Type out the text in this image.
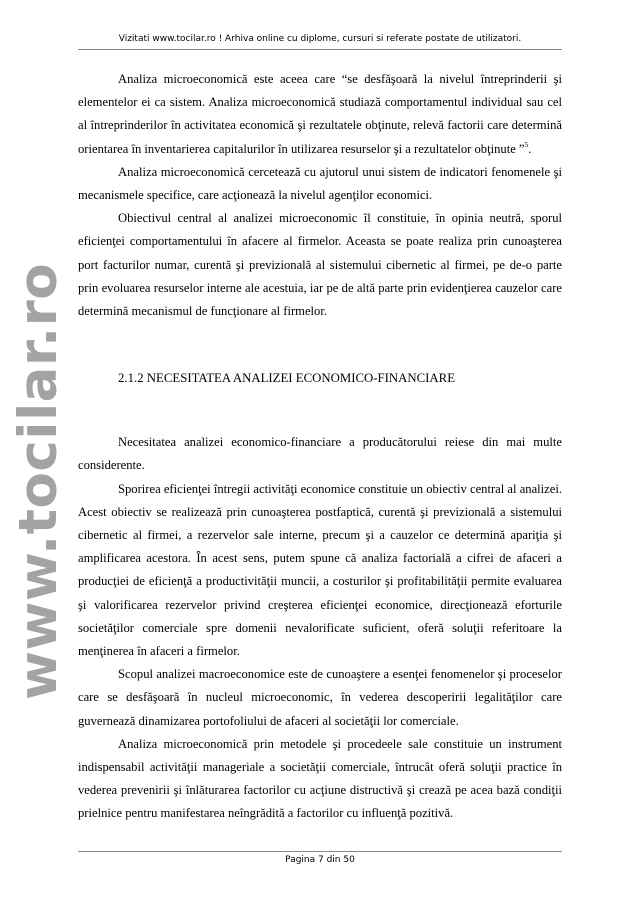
Vizitati www.tocilar.ro ! Arhiva online cu diplome, cursuri si referate postate de utilizatori.
www.tocilar.ro

Analiza microeconomică este aceea care “se desfăşoară la nivelul întreprinderii şi elementelor ei ca sistem. Analiza microeconomică studiază comportamentul individual sau cel al întreprinderilor în activitatea economică şi rezultatele obţinute, relevă factorii care determină orientarea în inventarierea capitalurilor în utilizarea resurselor şi a rezultatelor obţinute ”$^5$.

Analiza microeconomică cercetează cu ajutorul unui sistem de indicatori fenomenele şi mecanismele specifice, care acţionează la nivelul agenţilor economici.

Obiectivul central al analizei microeconomic îl constituie, în opinia neutră, sporul eficienţei comportamentului în afacere al firmelor. Aceasta se poate realiza prin cunoaşterea port facturilor numar, curentă şi previzională al sistemului cibernetic al firmei, pe de-o parte prin evoluarea resurselor interne ale acestuia, iar pe de altă parte prin evidenţierea cauzelor care determină mecanismul de funcţionare al firmelor.

2.1.2 NECESITATEA ANALIZEI ECONOMICO-FINANCIARE

Necesitatea analizei economico-financiare a producătorului reiese din mai multe considerente.

Sporirea eficienţei întregii activităţi economice constituie un obiectiv central al analizei. Acest obiectiv se realizează prin cunoaşterea postfaptică, curentă şi previzională a sistemului cibernetic al firmei, a rezervelor sale interne, precum şi a cauzelor ce determină apariţia şi amplificarea acestora. În acest sens, putem spune că analiza factorială a cifrei de afaceri a producţiei de eficienţă a productivităţii muncii, a costurilor şi profitabilităţii permite evaluarea şi valorificarea rezervelor privind creşterea eficienţei economice, direcţionează eforturile societăţilor comerciale spre domenii nevalorificate suficient, oferă soluţii referitoare la menţinerea în afaceri a firmelor.

Scopul analizei macroeconomice este de cunoaştere a esenţei fenomenelor şi proceselor care se desfăşoară în nucleul microeconomic, în vederea descoperirii legalităţilor care guvernează dinamizarea portofoliului de afaceri al societăţii lor comerciale.

Analiza microeconomică prin metodele şi procedeele sale constituie un instrument indispensabil activităţii manageriale a societăţii comerciale, întrucât oferă soluţii practice în vederea prevenirii şi înlăturarea factorilor cu acţiune distructivă şi crează pe acea bază condiţii prielnice pentru manifestarea neîngrădită a factorilor cu influenţă pozitivă.

Pagina 7 din 50
